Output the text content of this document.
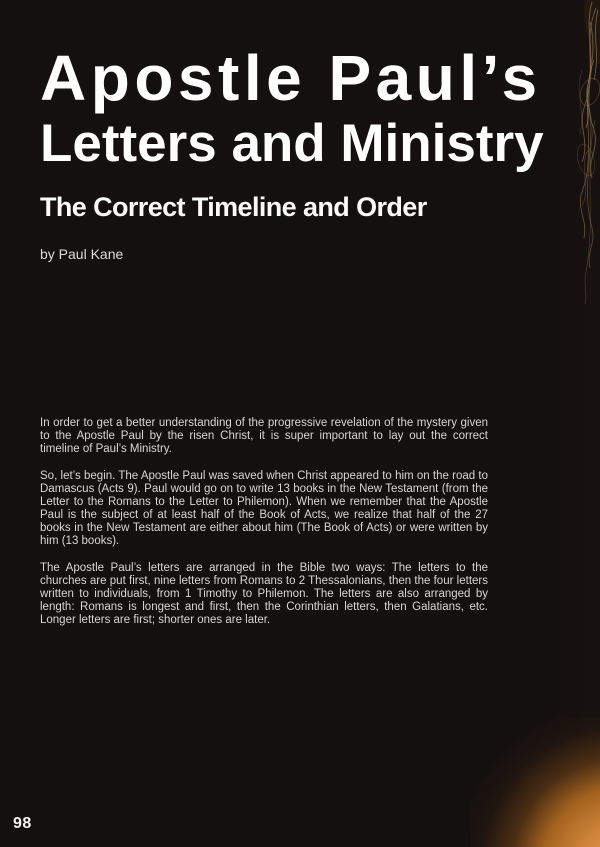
Apostle Paul’s
Letters and Ministry
The Correct Timeline and Order
by Paul Kane

In order to get a better understanding of the progressive revelation of the mystery given to the Apostle Paul by the risen Christ, it is super important to lay out the correct timeline of Paul’s Ministry.

So, let’s begin. The Apostle Paul was saved when Christ appeared to him on the road to Damascus (Acts 9). Paul would go on to write 13 books in the New Testament (from the Letter to the Romans to the Letter to Philemon). When we remember that the Apostle Paul is the subject of at least half of the Book of Acts, we realize that half of the 27 books in the New Testament are either about him (The Book of Acts) or were written by him (13 books).

The Apostle Paul’s letters are arranged in the Bible two ways: The letters to the churches are put first, nine letters from Romans to 2 Thessalonians, then the four letters written to individuals, from 1 Timothy to Philemon. The letters are also arranged by length: Romans is longest and first, then the Corinthian letters, then Galatians, etc. Longer letters are first; shorter ones are later.

98
